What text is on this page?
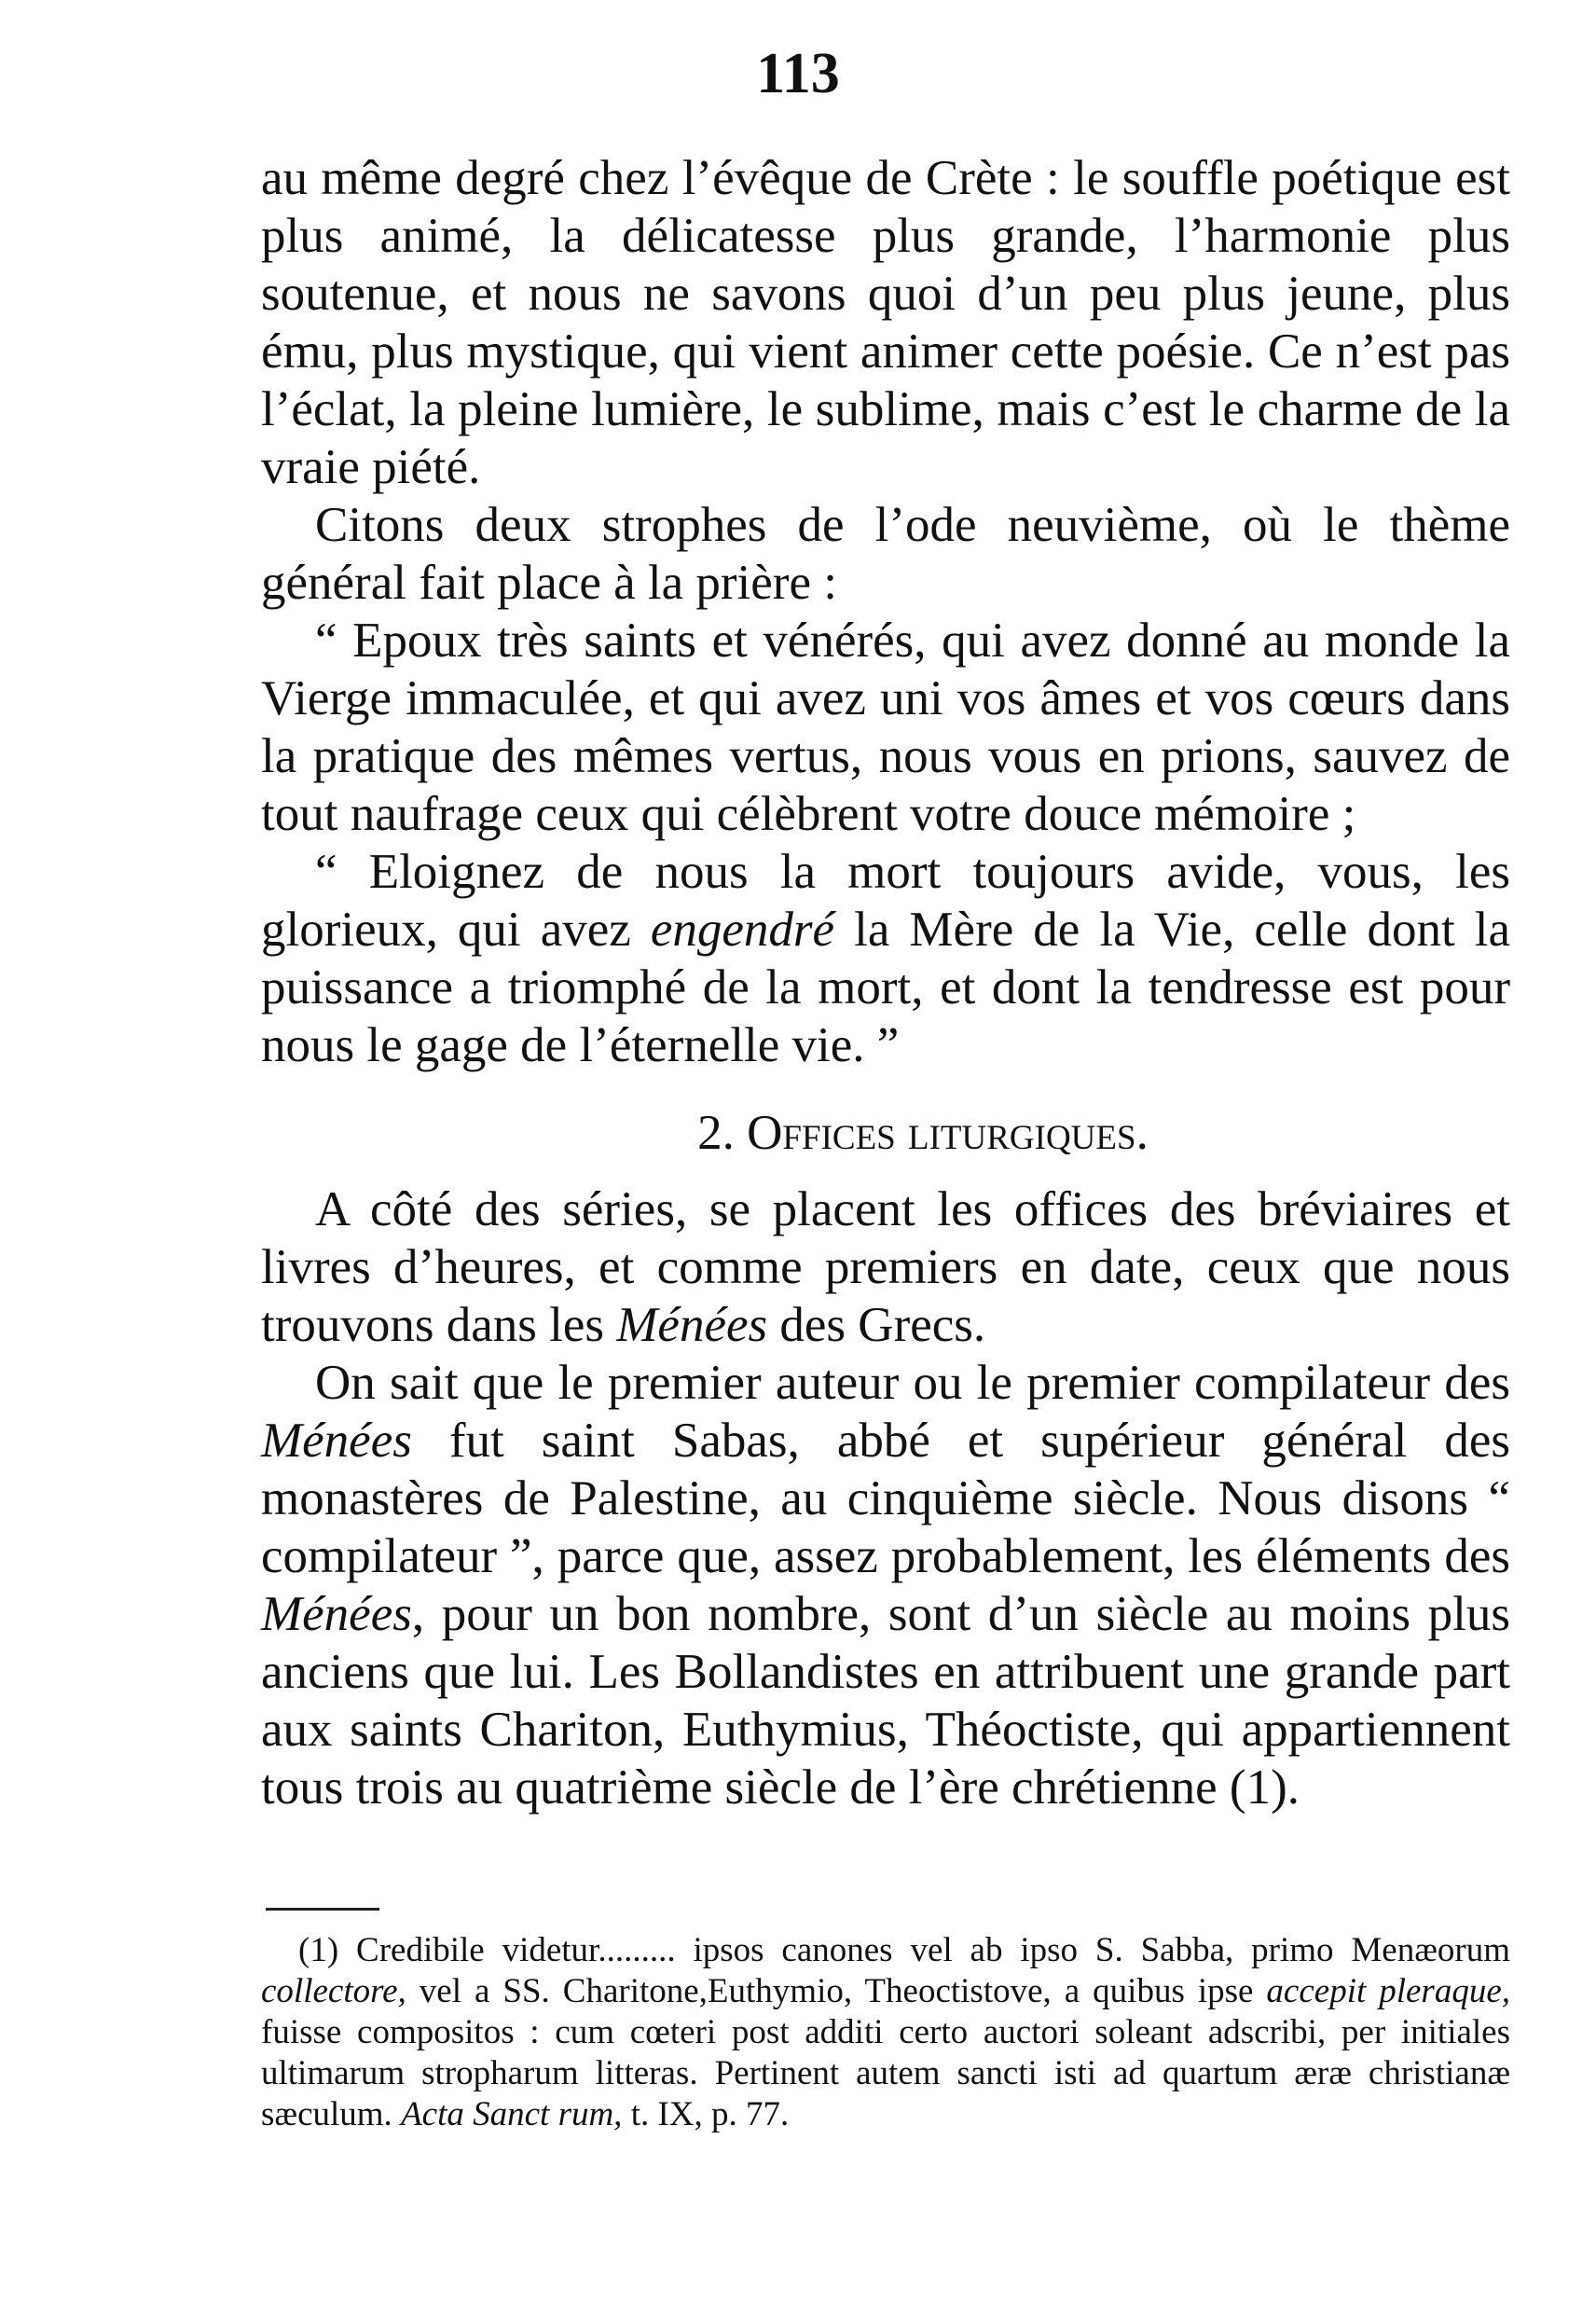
113

au même degré chez l’évêque de Crète : le souffle poétique est plus animé, la délicatesse plus grande, l’harmonie plus soutenue, et nous ne savons quoi d’un peu plus jeune, plus ému, plus mystique, qui vient animer cette poésie. Ce n’est pas l’éclat, la pleine lumière, le sublime, mais c’est le charme de la vraie piété.

Citons deux strophes de l’ode neuvième, où le thème général fait place à la prière :

“ Epoux très saints et vénérés, qui avez donné au monde la Vierge immaculée, et qui avez uni vos âmes et vos cœurs dans la pratique des mêmes vertus, nous vous en prions, sauvez de tout naufrage ceux qui célèbrent votre douce mémoire ;

“ Eloignez de nous la mort toujours avide, vous, les glorieux, qui avez engendré la Mère de la Vie, celle dont la puissance a triomphé de la mort, et dont la tendresse est pour nous le gage de l’éternelle vie. ”

2. Offices liturgiques.

A côté des séries, se placent les offices des bréviaires et livres d’heures, et comme premiers en date, ceux que nous trouvons dans les Ménées des Grecs.

On sait que le premier auteur ou le premier compilateur des Ménées fut saint Sabas, abbé et supérieur général des monastères de Palestine, au cinquième siècle. Nous disons “ compilateur ”, parce que, assez probablement, les éléments des Ménées, pour un bon nombre, sont d’un siècle au moins plus anciens que lui. Les Bollandistes en attribuent une grande part aux saints Chariton, Euthymius, Théoctiste, qui appartiennent tous trois au quatrième siècle de l’ère chrétienne (1).

(1) Credibile videtur......... ipsos canones vel ab ipso S. Sabba, primo Menæorum collectore, vel a SS. Charitone,Euthymio, Theoctistove, a quibus ipse accepit pleraque, fuisse compositos : cum cœteri post additi certo auctori soleant adscribi, per initiales ultimarum stropharum litteras. Pertinent autem sancti isti ad quartum æræ christianæ sæculum. Acta Sanct rum, t. IX, p. 77.
